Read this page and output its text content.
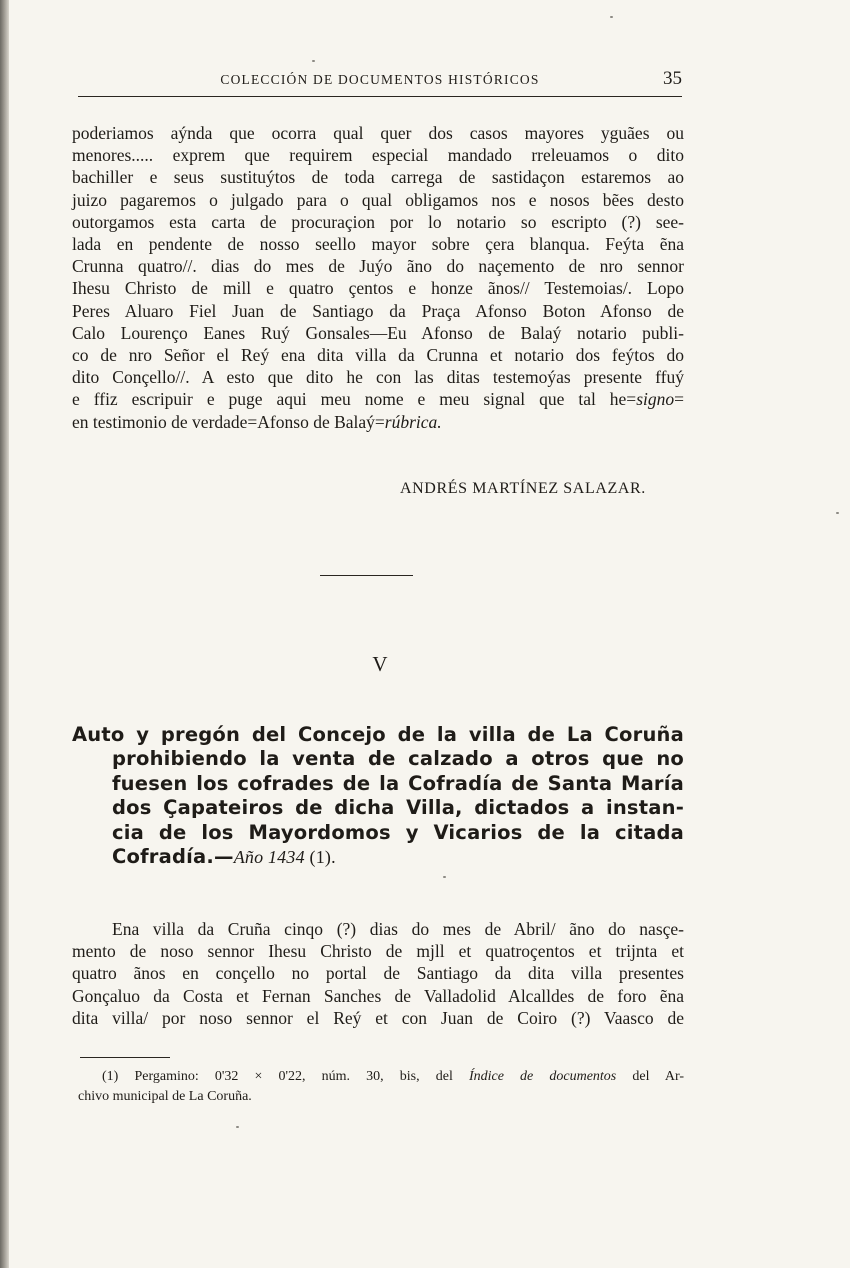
COLECCIÓN DE DOCUMENTOS HISTÓRICOS	35
poderiamos aýnda que ocorra qual quer dos casos mayores yguães ou
menores..... exprem que requirem especial mandado rreleuamos o dito
bachiller e seus sustituýtos de toda carrega de sastidaçon estaremos ao
juizo pagaremos o julgado para o qual obligamos nos e nosos bẽes desto
outorgamos esta carta de procuraçion por lo notario so escripto (?) see-
lada en pendente de nosso seello mayor sobre çera blanqua. Feýta ẽna
Crunna quatro//. dias do mes de Juýo ãno do naçemento de nro sennor
Ihesu Christo de mill e quatro çentos e honze ãnos// Testemoias/. Lopo
Peres Aluaro Fiel Juan de Santiago da Praça Afonso Boton Afonso de
Calo Lourenço Eanes Ruý Gonsales—Eu Afonso de Balaý notario publi-
co de nro Señor el Reý ena dita villa da Crunna et notario dos feýtos do
dito Conçello//. A esto que dito he con las ditas testemoýas presente ffuý
e ffiz escripuir e puge aqui meu nome e meu signal que tal he=signo=
en testimonio de verdade=Afonso de Balaý=rúbrica.
ANDRÉS MARTÍNEZ SALAZAR.
V
Auto y pregón del Concejo de la villa de La Coruña
prohibiendo la venta de calzado a otros que no
fuesen los cofrades de la Cofradía de Santa María
dos Çapateiros de dicha Villa, dictados a instan-
cia de los Mayordomos y Vicarios de la citada
Cofradía.—Año 1434 (1).
Ena villa da Cruña cinqo (?) dias do mes de Abril/ ãno do nasçe-
mento de noso sennor Ihesu Christo de mjll et quatroçentos et trijnta et
quatro ãnos en conçello no portal de Santiago da dita villa presentes
Gonçaluo da Costa et Fernan Sanches de Valladolid Alcalldes de foro ẽna
dita villa/ por noso sennor el Reý et con Juan de Coiro (?) Vaasco de
(1) Pergamino: 0'32 × 0'22, núm. 30, bis, del Índice de documentos del Ar-
chivo municipal de La Coruña.
